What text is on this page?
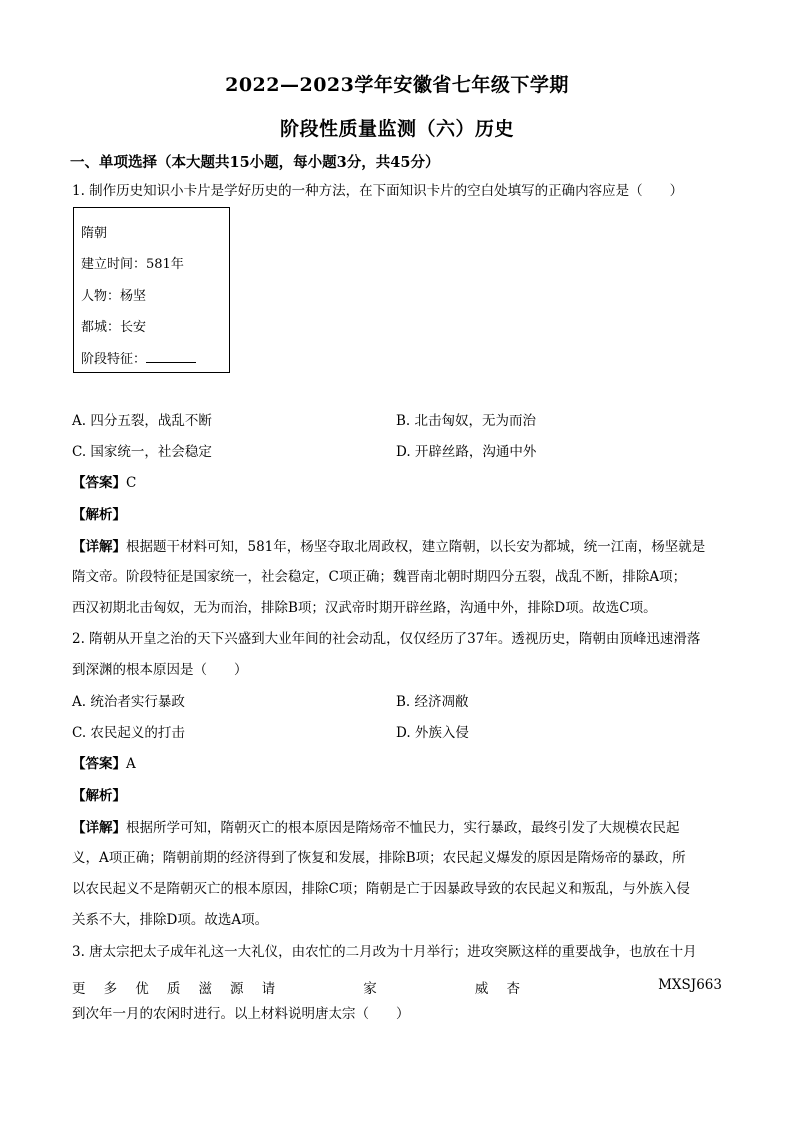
2022—2023学年安徽省七年级下学期
阶段性质量监测（六）历史
一、单项选择（本大题共15小题，每小题3分，共45分）
1. 制作历史知识小卡片是学好历史的一种方法，在下面知识卡片的空白处填写的正确内容应是（　　）
隋朝
建立时间：581年
人物：杨坚
都城：长安
阶段特征：
A. 四分五裂，战乱不断	B. 北击匈奴，无为而治
C. 国家统一，社会稳定	D. 开辟丝路，沟通中外
【答案】C
【解析】
【详解】根据题干材料可知，581年，杨坚夺取北周政权，建立隋朝，以长安为都城，统一江南，杨坚就是
隋文帝。阶段特征是国家统一，社会稳定，C项正确；魏晋南北朝时期四分五裂，战乱不断，排除A项；
西汉初期北击匈奴，无为而治，排除B项；汉武帝时期开辟丝路，沟通中外，排除D项。故选C项。
2. 隋朝从开皇之治的天下兴盛到大业年间的社会动乱，仅仅经历了37年。透视历史，隋朝由顶峰迅速滑落
到深渊的根本原因是（　　）
A. 统治者实行暴政	B. 经济凋敝
C. 农民起义的打击	D. 外族入侵
【答案】A
【解析】
【详解】根据所学可知，隋朝灭亡的根本原因是隋炀帝不恤民力，实行暴政，最终引发了大规模农民起
义，A项正确；隋朝前期的经济得到了恢复和发展，排除B项；农民起义爆发的原因是隋炀帝的暴政，所
以农民起义不是隋朝灭亡的根本原因，排除C项；隋朝是亡于因暴政导致的农民起义和叛乱，与外族入侵
关系不大，排除D项。故选A项。
3. 唐太宗把太子成年礼这一大礼仪，由农忙的二月改为十月举行；进攻突厥这样的重要战争，也放在十月
更 多 优 质 滋 源 请	家	威 杏	MXSJ663
到次年一月的农闲时进行。以上材料说明唐太宗（　　）
